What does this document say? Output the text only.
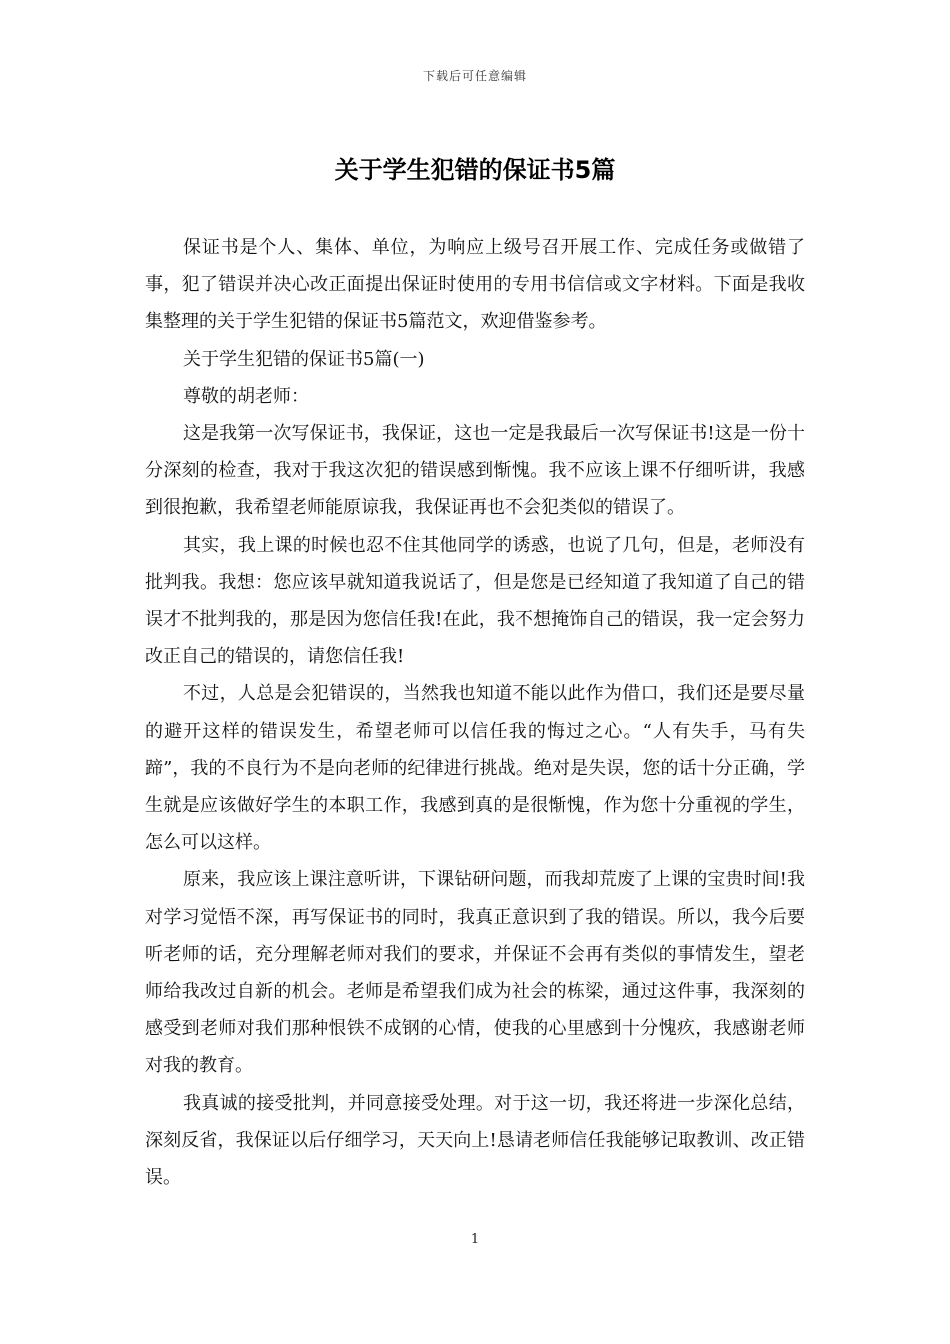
下载后可任意编辑
关于学生犯错的保证书5篇

保证书是个人、集体、单位，为响应上级号召开展工作、完成任务或做错了事，犯了错误并决心改正面提出保证时使用的专用书信信或文字材料。下面是我收集整理的关于学生犯错的保证书5篇范文，欢迎借鉴参考。

关于学生犯错的保证书5篇(一)

尊敬的胡老师：

这是我第一次写保证书，我保证，这也一定是我最后一次写保证书!这是一份十分深刻的检查，我对于我这次犯的错误感到惭愧。我不应该上课不仔细听讲，我感到很抱歉，我希望老师能原谅我，我保证再也不会犯类似的错误了。

其实，我上课的时候也忍不住其他同学的诱惑，也说了几句，但是，老师没有批判我。我想：您应该早就知道我说话了，但是您是已经知道了我知道了自己的错误才不批判我的，那是因为您信任我!在此，我不想掩饰自己的错误，我一定会努力改正自己的错误的，请您信任我!

不过，人总是会犯错误的，当然我也知道不能以此作为借口，我们还是要尽量的避开这样的错误发生，希望老师可以信任我的悔过之心。“人有失手，马有失蹄”，我的不良行为不是向老师的纪律进行挑战。绝对是失误，您的话十分正确，学生就是应该做好学生的本职工作，我感到真的是很惭愧，作为您十分重视的学生，怎么可以这样。

原来，我应该上课注意听讲，下课钻研问题，而我却荒废了上课的宝贵时间!我对学习觉悟不深，再写保证书的同时，我真正意识到了我的错误。所以，我今后要听老师的话，充分理解老师对我们的要求，并保证不会再有类似的事情发生，望老师给我改过自新的机会。老师是希望我们成为社会的栋梁，通过这件事，我深刻的感受到老师对我们那种恨铁不成钢的心情，使我的心里感到十分愧疚，我感谢老师对我的教育。

我真诚的接受批判，并同意接受处理。对于这一切，我还将进一步深化总结，深刻反省，我保证以后仔细学习，天天向上!恳请老师信任我能够记取教训、改正错误。

1
